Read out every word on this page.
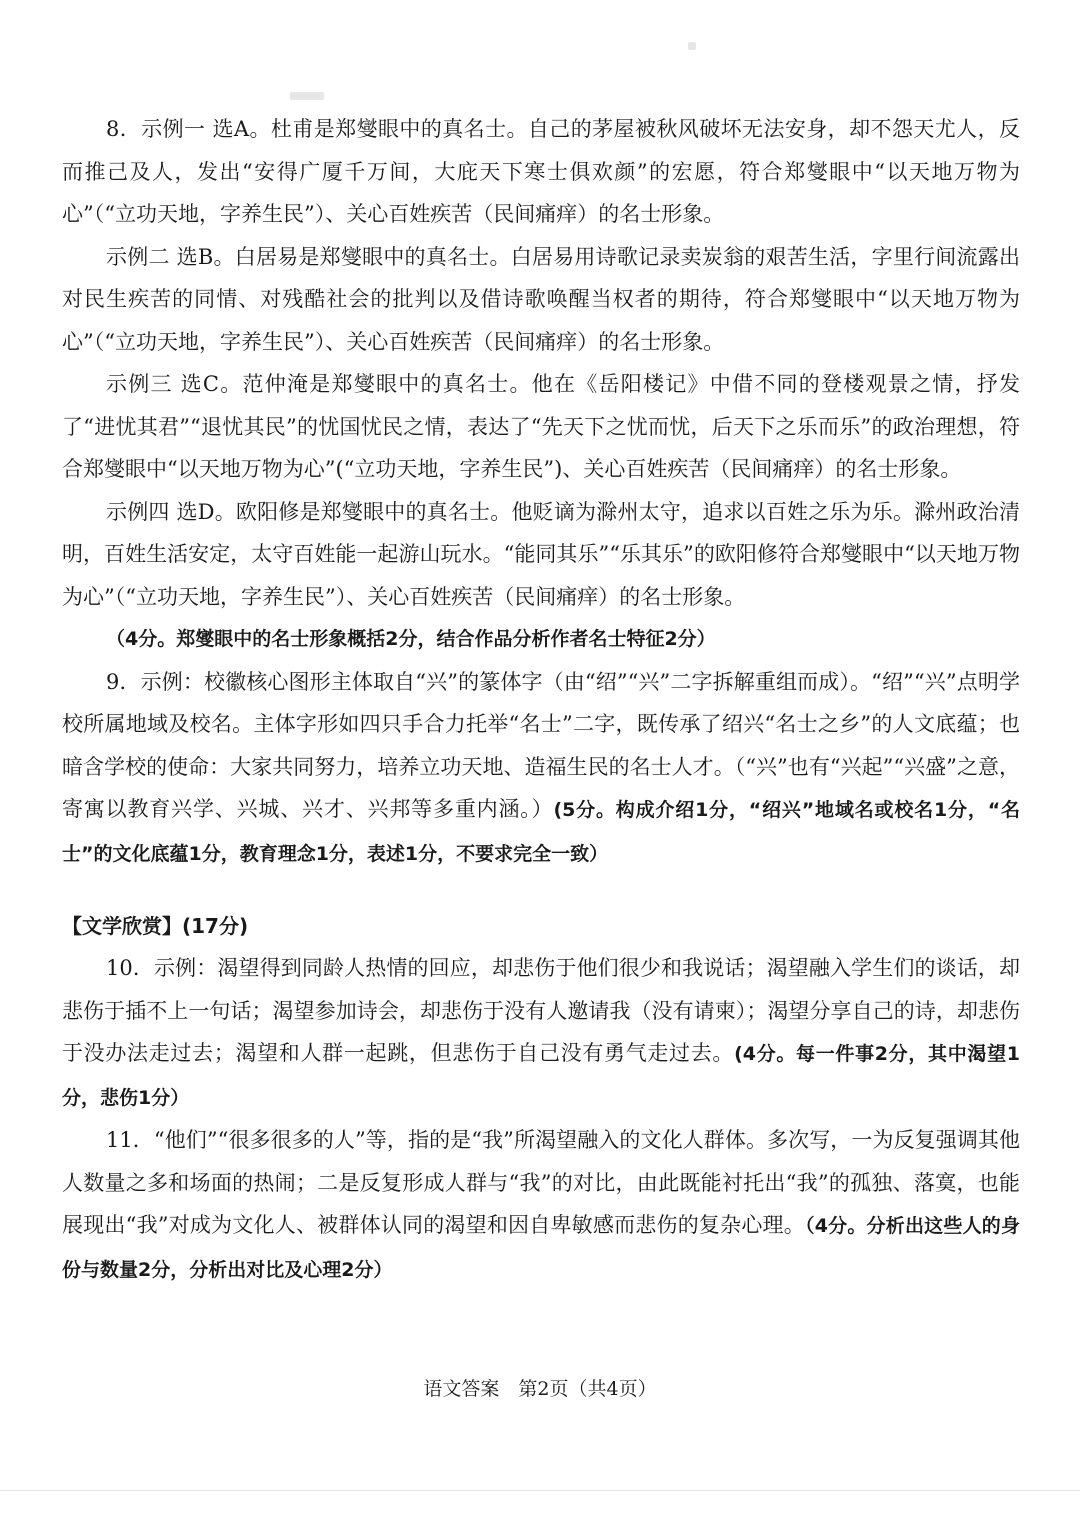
8．示例一 选A。杜甫是郑燮眼中的真名士。自己的茅屋被秋风破坏无法安身，却不怨天尤人，反而推己及人，发出“安得广厦千万间，大庇天下寒士俱欢颜”的宏愿，符合郑燮眼中“以天地万物为心”（“立功天地，字养生民”）、关心百姓疾苦（民间痛痒）的名士形象。

示例二 选B。白居易是郑燮眼中的真名士。白居易用诗歌记录卖炭翁的艰苦生活，字里行间流露出对民生疾苦的同情、对残酷社会的批判以及借诗歌唤醒当权者的期待，符合郑燮眼中“以天地万物为心”（“立功天地，字养生民”）、关心百姓疾苦（民间痛痒）的名士形象。

示例三 选C。范仲淹是郑燮眼中的真名士。他在《岳阳楼记》中借不同的登楼观景之情，抒发了“进忧其君”“退忧其民”的忧国忧民之情，表达了“先天下之忧而忧，后天下之乐而乐”的政治理想，符合郑燮眼中“以天地万物为心”(“立功天地，字养生民”)、关心百姓疾苦（民间痛痒）的名士形象。

示例四 选D。欧阳修是郑燮眼中的真名士。他贬谪为滁州太守，追求以百姓之乐为乐。滁州政治清明，百姓生活安定，太守百姓能一起游山玩水。“能同其乐”“乐其乐”的欧阳修符合郑燮眼中“以天地万物为心”（“立功天地，字养生民”）、关心百姓疾苦（民间痛痒）的名士形象。

（4分。郑燮眼中的名士形象概括2分，结合作品分析作者名士特征2分）

9．示例：校徽核心图形主体取自“兴”的篆体字（由“绍”“兴”二字拆解重组而成）。“绍”“兴”点明学校所属地域及校名。主体字形如四只手合力托举“名士”二字，既传承了绍兴“名士之乡”的人文底蕴；也暗含学校的使命：大家共同努力，培养立功天地、造福生民的名士人才。（“兴”也有“兴起”“兴盛”之意，寄寓以教育兴学、兴城、兴才、兴邦等多重内涵。）(5分。构成介绍1分，“绍兴”地域名或校名1分，“名士”的文化底蕴1分，教育理念1分，表述1分，不要求完全一致）

【文学欣赏】(17分)

10．示例：渴望得到同龄人热情的回应，却悲伤于他们很少和我说话；渴望融入学生们的谈话，却悲伤于插不上一句话；渴望参加诗会，却悲伤于没有人邀请我（没有请柬）；渴望分享自己的诗，却悲伤于没办法走过去；渴望和人群一起跳，但悲伤于自己没有勇气走过去。(4分。每一件事2分，其中渴望1分，悲伤1分）

11．“他们”“很多很多的人”等，指的是“我”所渴望融入的文化人群体。多次写，一为反复强调其他人数量之多和场面的热闹；二是反复形成人群与“我”的对比，由此既能衬托出“我”的孤独、落寞，也能展现出“我”对成为文化人、被群体认同的渴望和因自卑敏感而悲伤的复杂心理。（4分。分析出这些人的身份与数量2分，分析出对比及心理2分）

语文答案　第2页（共4页）
